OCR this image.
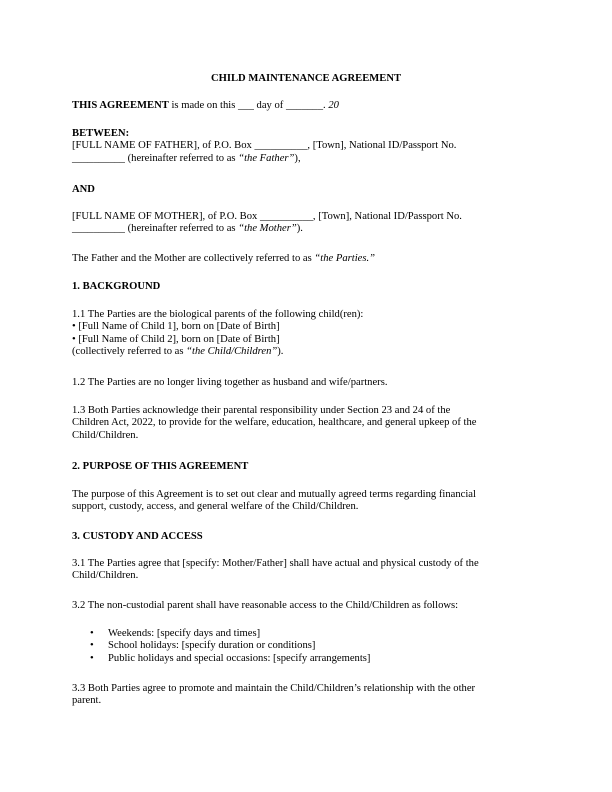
CHILD MAINTENANCE AGREEMENT
THIS AGREEMENT is made on this ___ day of _______. 20
BETWEEN:
[FULL NAME OF FATHER], of P.O. Box __________, [Town], National ID/Passport No.
__________ (hereinafter referred to as “the Father”),
AND
[FULL NAME OF MOTHER], of P.O. Box __________, [Town], National ID/Passport No.
__________ (hereinafter referred to as “the Mother”).
The Father and the Mother are collectively referred to as “the Parties.”
1. BACKGROUND
1.1 The Parties are the biological parents of the following child(ren):
• [Full Name of Child 1], born on [Date of Birth]
• [Full Name of Child 2], born on [Date of Birth]
(collectively referred to as “the Child/Children”).
1.2 The Parties are no longer living together as husband and wife/partners.
1.3 Both Parties acknowledge their parental responsibility under Section 23 and 24 of the
Children Act, 2022, to provide for the welfare, education, healthcare, and general upkeep of the
Child/Children.
2. PURPOSE OF THIS AGREEMENT
The purpose of this Agreement is to set out clear and mutually agreed terms regarding financial
support, custody, access, and general welfare of the Child/Children.
3. CUSTODY AND ACCESS
3.1 The Parties agree that [specify: Mother/Father] shall have actual and physical custody of the
Child/Children.
3.2 The non-custodial parent shall have reasonable access to the Child/Children as follows:
• Weekends: [specify days and times]
• School holidays: [specify duration or conditions]
• Public holidays and special occasions: [specify arrangements]
3.3 Both Parties agree to promote and maintain the Child/Children’s relationship with the other
parent.
